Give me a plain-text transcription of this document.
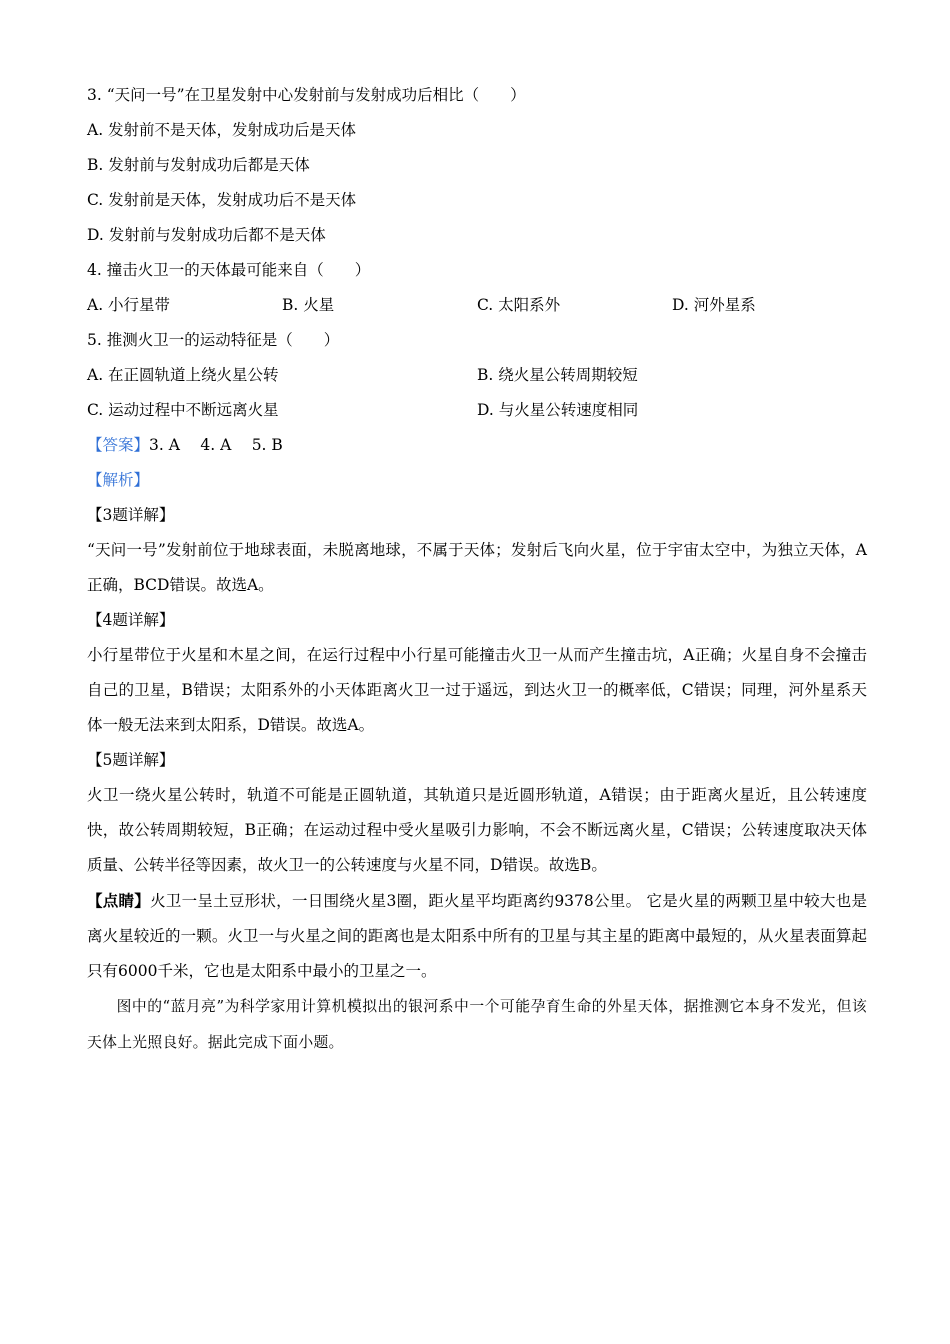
3. “天问一号”在卫星发射中心发射前与发射成功后相比（　　）
A. 发射前不是天体，发射成功后是天体
B. 发射前与发射成功后都是天体
C. 发射前是天体，发射成功后不是天体
D. 发射前与发射成功后都不是天体
4. 撞击火卫一的天体最可能来自（　　）
A. 小行星带	B. 火星	C. 太阳系外	D. 河外星系
5. 推测火卫一的运动特征是（　　）
A. 在正圆轨道上绕火星公转	B. 绕火星公转周期较短
C. 运动过程中不断远离火星	D. 与火星公转速度相同
【答案】3. A　 4. A　 5. B
【解析】
【3题详解】
“天问一号”发射前位于地球表面，未脱离地球，不属于天体；发射后飞向火星，位于宇宙太空中，为独立天体，A正确，BCD错误。故选A。
【4题详解】
小行星带位于火星和木星之间，在运行过程中小行星可能撞击火卫一从而产生撞击坑，A正确；火星自身不会撞击自己的卫星，B错误；太阳系外的小天体距离火卫一过于遥远，到达火卫一的概率低，C错误；同理，河外星系天体一般无法来到太阳系，D错误。故选A。
【5题详解】
火卫一绕火星公转时，轨道不可能是正圆轨道，其轨道只是近圆形轨道，A错误；由于距离火星近，且公转速度快，故公转周期较短，B正确；在运动过程中受火星吸引力影响，不会不断远离火星，C错误；公转速度取决天体质量、公转半径等因素，故火卫一的公转速度与火星不同，D错误。故选B。
【点睛】火卫一呈土豆形状，一日围绕火星3圈，距火星平均距离约9378公里。 它是火星的两颗卫星中较大也是离火星较近的一颗。火卫一与火星之间的距离也是太阳系中所有的卫星与其主星的距离中最短的，从火星表面算起只有6000千米，它也是太阳系中最小的卫星之一。
图中的“蓝月亮”为科学家用计算机模拟出的银河系中一个可能孕育生命的外星天体，据推测它本身不发光，但该天体上光照良好。据此完成下面小题。
